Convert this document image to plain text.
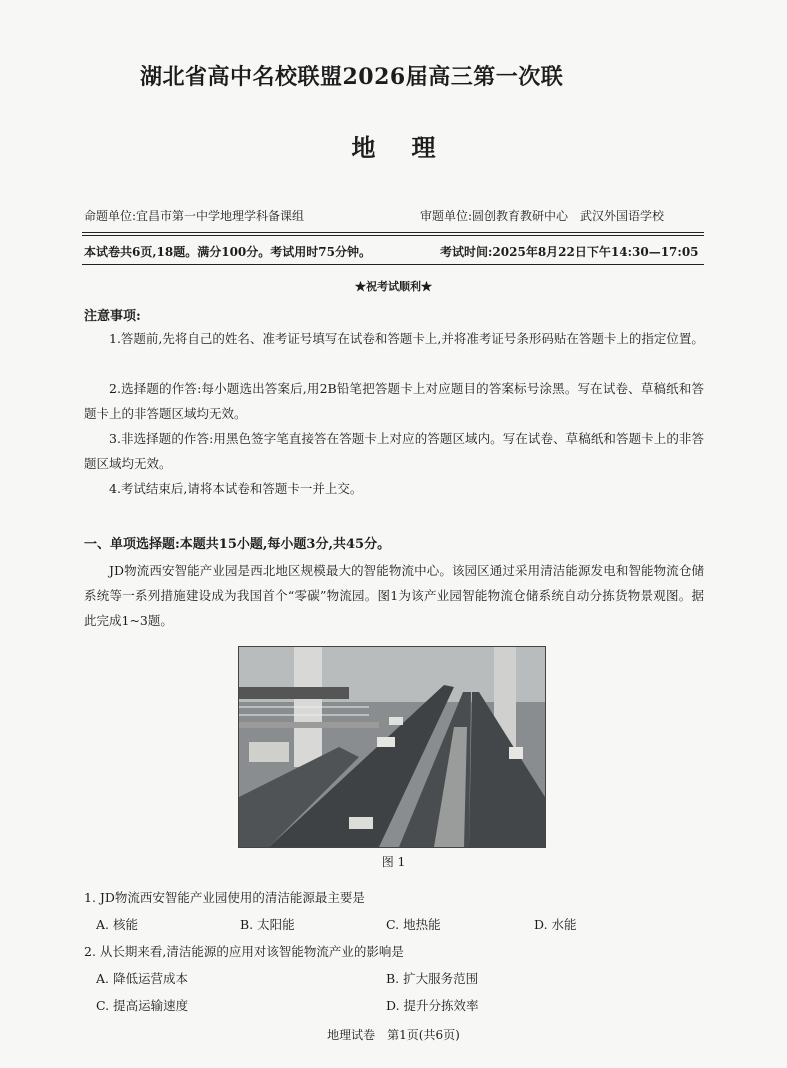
湖北省高中名校联盟2026届高三第一次联
地理
命题单位:宜昌市第一中学地理学科备课组	审题单位:圆创教育教研中心　武汉外国语学校
本试卷共6页,18题。满分100分。考试用时75分钟。	考试时间:2025年8月22日下午14:30—17:05
★祝考试顺利★
注意事项:
1.答题前,先将自己的姓名、准考证号填写在试卷和答题卡上,并将准考证号条形码贴在答题卡上的指定位置。
2.选择题的作答:每小题选出答案后,用2B铅笔把答题卡上对应题目的答案标号涂黑。写在试卷、草稿纸和答题卡上的非答题区域均无效。
3.非选择题的作答:用黑色签字笔直接答在答题卡上对应的答题区域内。写在试卷、草稿纸和答题卡上的非答题区域均无效。
4.考试结束后,请将本试卷和答题卡一并上交。
一、单项选择题:本题共15小题,每小题3分,共45分。
JD物流西安智能产业园是西北地区规模最大的智能物流中心。该园区通过采用清洁能源发电和智能物流仓储系统等一系列措施建设成为我国首个“零碳”物流园。图1为该产业园智能物流仓储系统自动分拣货物景观图。据此完成1~3题。
图 1
1. JD物流西安智能产业园使用的清洁能源最主要是
A. 核能	B. 太阳能	C. 地热能	D. 水能
2. 从长期来看,清洁能源的应用对该智能物流产业的影响是
A. 降低运营成本	B. 扩大服务范围
C. 提高运输速度	D. 提升分拣效率
地理试卷　第1页(共6页)
